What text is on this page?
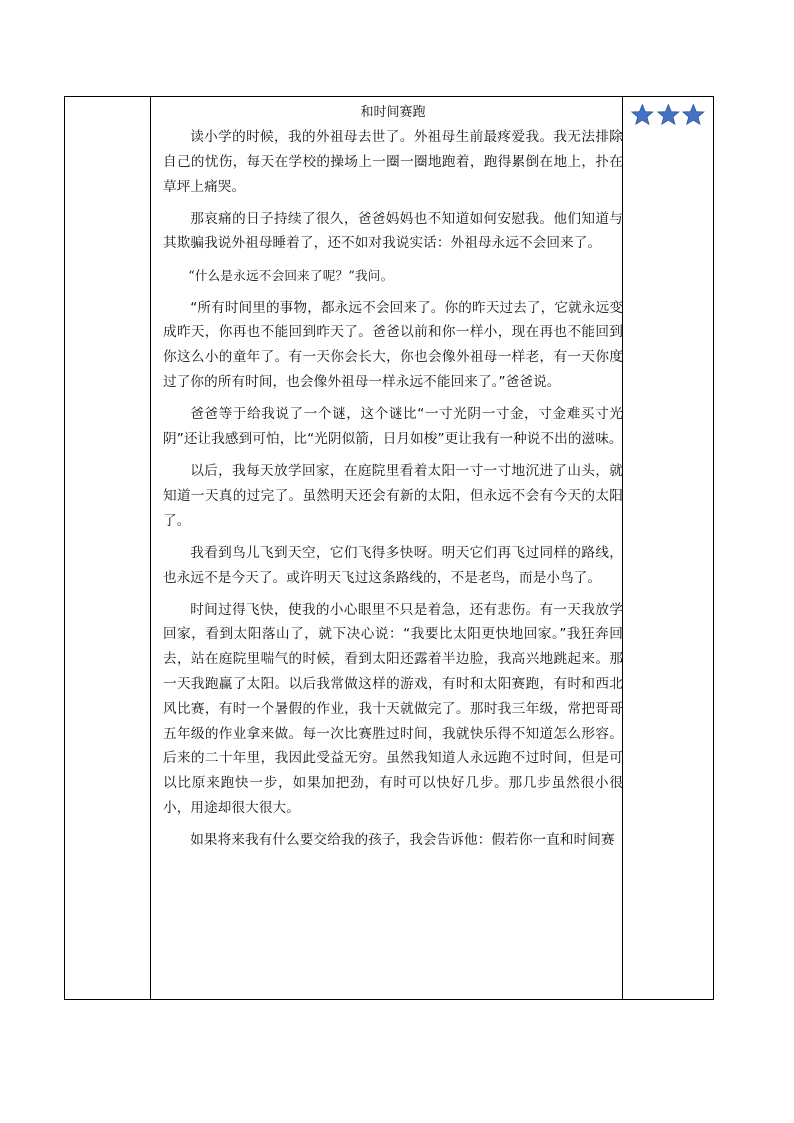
和时间赛跑

读小学的时候，我的外祖母去世了。外祖母生前最疼爱我。我无法排除自己的忧伤，每天在学校的操场上一圈一圈地跑着，跑得累倒在地上，扑在草坪上痛哭。

那哀痛的日子持续了很久，爸爸妈妈也不知道如何安慰我。他们知道与其欺骗我说外祖母睡着了，还不如对我说实话：外祖母永远不会回来了。

“什么是永远不会回来了呢？”我问。

“所有时间里的事物，都永远不会回来了。你的昨天过去了，它就永远变成昨天，你再也不能回到昨天了。爸爸以前和你一样小，现在再也不能回到你这么小的童年了。有一天你会长大，你也会像外祖母一样老，有一天你度过了你的所有时间，也会像外祖母一样永远不能回来了。”爸爸说。

爸爸等于给我说了一个谜，这个谜比“一寸光阴一寸金，寸金难买寸光阴”还让我感到可怕，比“光阴似箭，日月如梭”更让我有一种说不出的滋味。

以后，我每天放学回家，在庭院里看着太阳一寸一寸地沉进了山头，就知道一天真的过完了。虽然明天还会有新的太阳，但永远不会有今天的太阳了。

我看到鸟儿飞到天空，它们飞得多快呀。明天它们再飞过同样的路线，也永远不是今天了。或许明天飞过这条路线的，不是老鸟，而是小鸟了。

时间过得飞快，使我的小心眼里不只是着急，还有悲伤。有一天我放学回家，看到太阳落山了，就下决心说：“我要比太阳更快地回家。”我狂奔回去，站在庭院里喘气的时候，看到太阳还露着半边脸，我高兴地跳起来。那一天我跑赢了太阳。以后我常做这样的游戏，有时和太阳赛跑，有时和西北风比赛，有时一个暑假的作业，我十天就做完了。那时我三年级，常把哥哥五年级的作业拿来做。每一次比赛胜过时间，我就快乐得不知道怎么形容。后来的二十年里，我因此受益无穷。虽然我知道人永远跑不过时间，但是可以比原来跑快一步，如果加把劲，有时可以快好几步。那几步虽然很小很小，用途却很大很大。

如果将来我有什么要交给我的孩子，我会告诉他：假若你一直和时间赛
